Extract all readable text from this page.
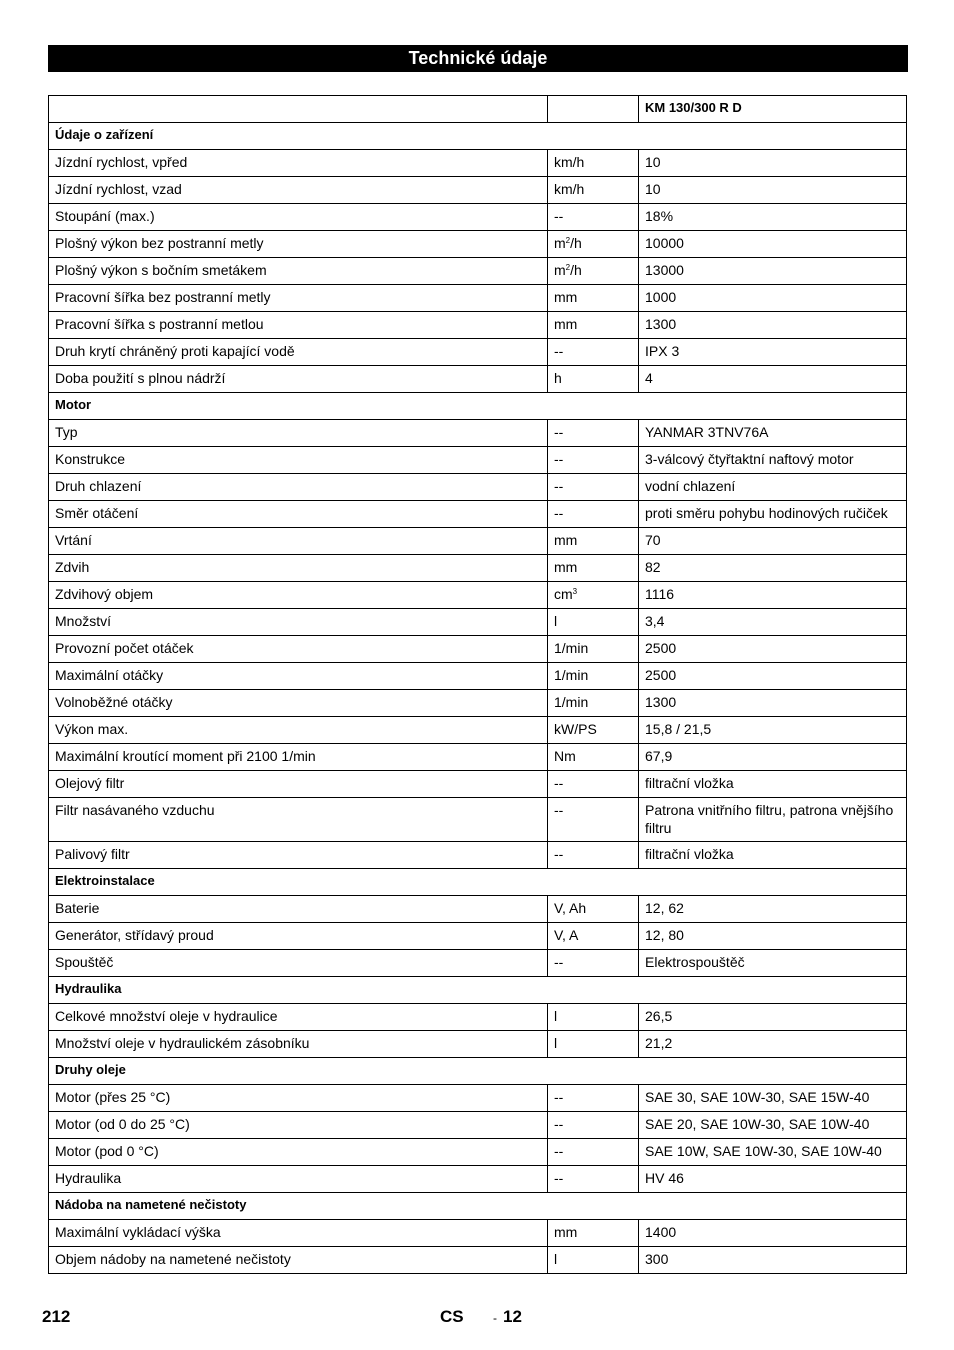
Technické údaje
		KM 130/300 R D
Údaje o zařízení		
Jízdní rychlost, vpřed	km/h	10
Jízdní rychlost, vzad	km/h	10
Stoupání (max.)	--	18%
Plošný výkon bez postranní metly	$m^2/h$	10000
Plošný výkon s bočním smetákem	$m^2/h$	13000
Pracovní šířka bez postranní metly	mm	1000
Pracovní šířka s postranní metlou	mm	1300
Druh krytí chráněný proti kapající vodě	--	IPX 3
Doba použití s plnou nádrží	h	4
Motor		
Typ	--	YANMAR 3TNV76A
Konstrukce	--	3-válcový čtyřtaktní naftový motor
Druh chlazení	--	vodní chlazení
Směr otáčení	--	proti směru pohybu hodinových ručiček
Vrtání	mm	70
Zdvih	mm	82
Zdvihový objem	$cm^3$	1116
Množství	l	3,4
Provozní počet otáček	1/min	2500
Maximální otáčky	1/min	2500
Volnoběžné otáčky	1/min	1300
Výkon max.	kW/PS	15,8 / 21,5
Maximální kroutící moment při 2100 1/min	Nm	67,9
Olejový filtr	--	filtrační vložka
Filtr nasávaného vzduchu	--	Patrona vnitřního filtru, patrona vnějšího filtru
Palivový filtr	--	filtrační vložka
Elektroinstalace		
Baterie	V, Ah	12, 62
Generátor, střídavý proud	V, A	12, 80
Spouštěč	--	Elektrospouštěč
Hydraulika		
Celkové množství oleje v hydraulice	l	26,5
Množství oleje v hydraulickém zásobníku	l	21,2
Druhy oleje		
Motor (přes 25 °C)	--	SAE 30, SAE 10W-30, SAE 15W-40
Motor (od 0 do 25 °C)	--	SAE 20, SAE 10W-30, SAE 10W-40
Motor (pod 0 °C)	--	SAE 10W, SAE 10W-30, SAE 10W-40
Hydraulika	--	HV 46
Nádoba na nametené nečistoty		
Maximální vykládací výška	mm	1400
Objem nádoby na nametené nečistoty	l	300
212	CS - 12
